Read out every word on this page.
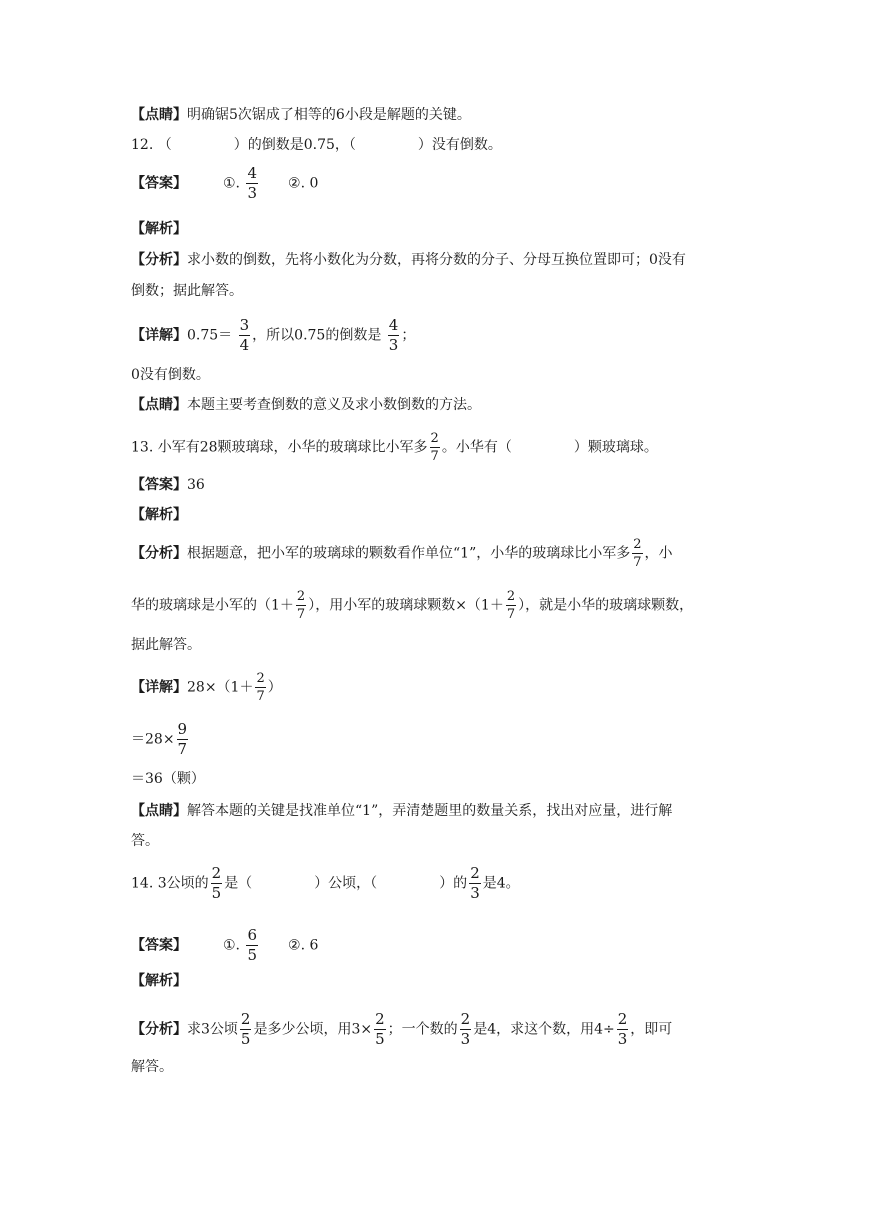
【点睛】明确锯5次锯成了相等的6小段是解题的关键。
12. （	）的倒数是0.75，（	）没有倒数。
【答案】	①. $\frac{4}{3}$ ②. 0
【解析】
【分析】求小数的倒数，先将小数化为分数，再将分数的分子、分母互换位置即可；0没有
倒数；据此解答。
【详解】$0.75= \frac{3}{4}$ ，所以0.75的倒数是 $\frac{4}{3}$ ；
0没有倒数。
【点睛】本题主要考查倒数的意义及求小数倒数的方法。
13. 小军有28颗玻璃球，小华的玻璃球比小军多 $\frac{2}{7}$ 。小华有（	）颗玻璃球。
【答案】36
【解析】
【分析】根据题意，把小军的玻璃球的颗数看作单位“1”，小华的玻璃球比小军多 $\frac{2}{7}$ ，小
华的玻璃球是小军的（$1+ \frac{2}{7}$ ），用小军的玻璃球颗数$\times(1+ \frac{2}{7}$ ），就是小华的玻璃球颗数，
据此解答。
【详解】$28\times(1+ \frac{2}{7}$ ）
$=28\times \frac{9}{7}$
＝36（颗）
【点睛】解答本题的关键是找准单位“1”，弄清楚题里的数量关系，找出对应量，进行解
答。
14. 3公顷的 $\frac{2}{5}$ 是（	）公顷，（	）的 $\frac{2}{3}$ 是4。
【答案】	①. $\frac{6}{5}$ ②. 6
【解析】
【分析】求3公顷 $\frac{2}{5}$ 是多少公顷，用$3\times \frac{2}{5}$ ；一个数的 $\frac{2}{3}$ 是4，求这个数，用$4\div \frac{2}{3}$ ，即可
解答。
